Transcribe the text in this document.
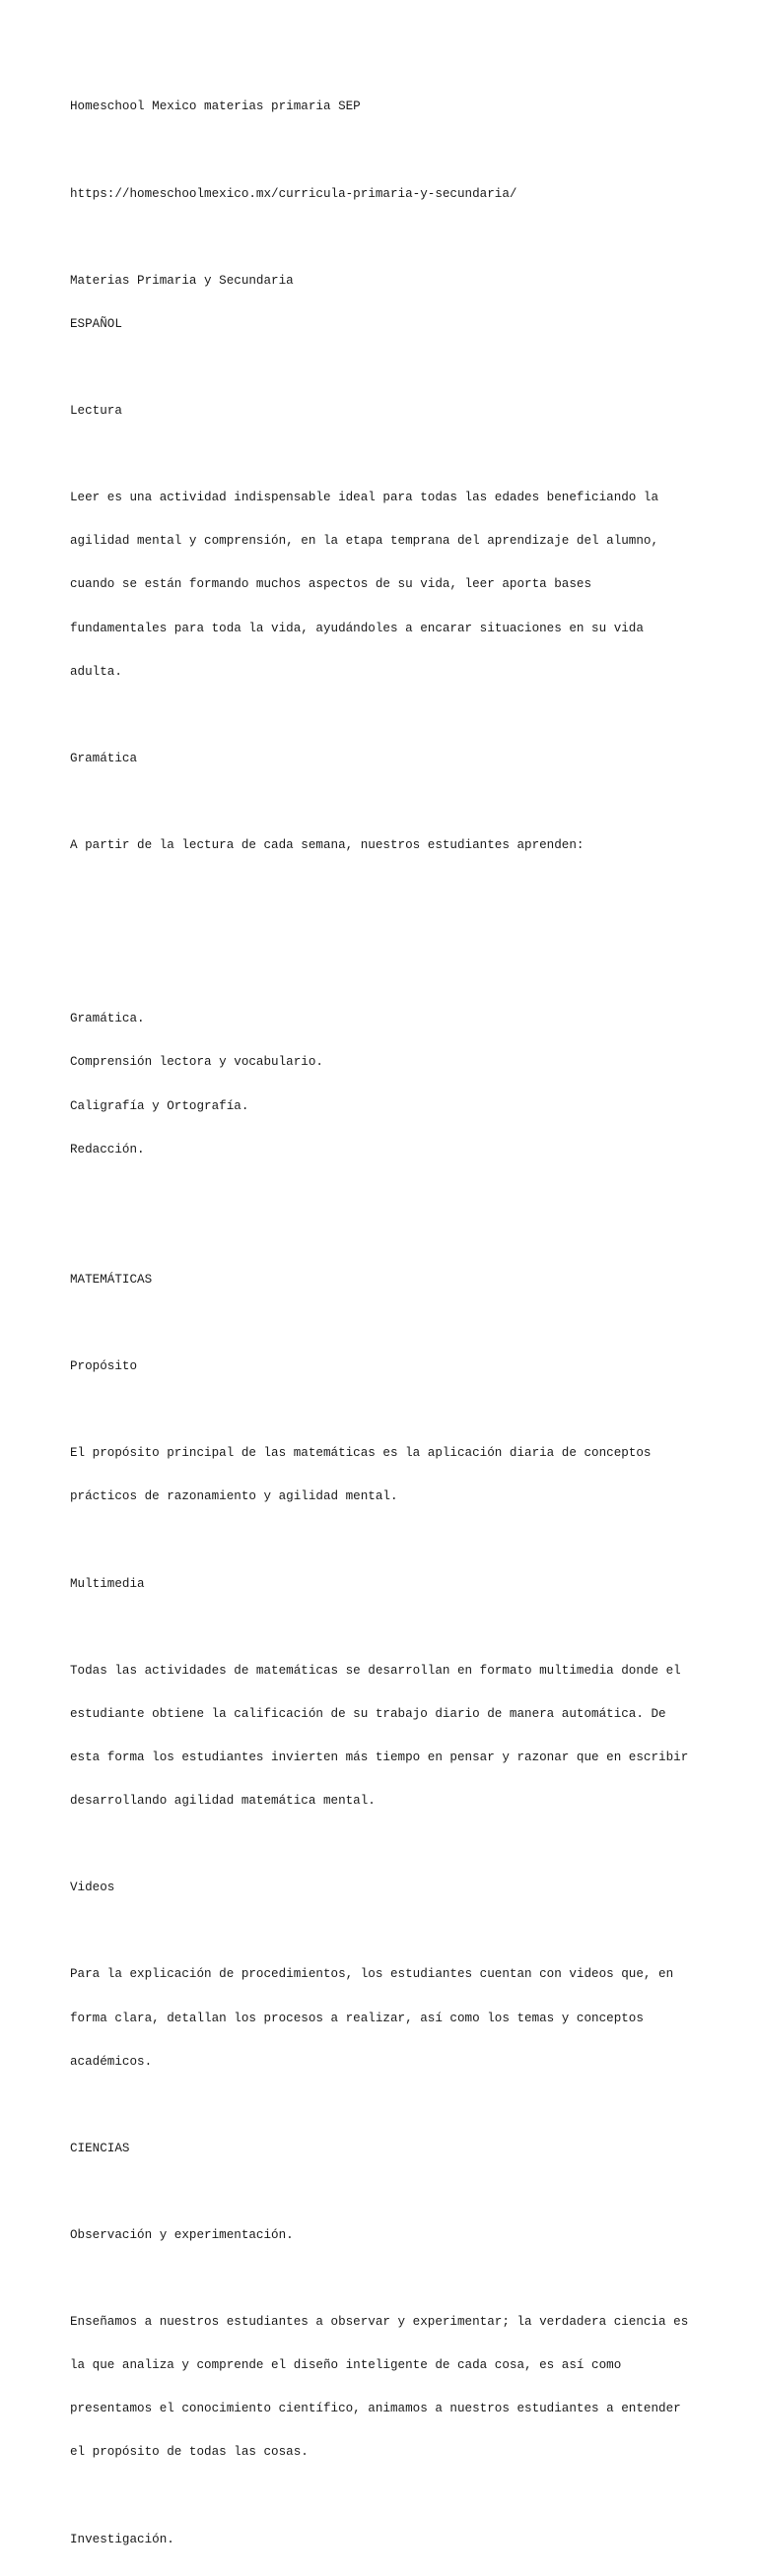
Homeschool Mexico materias primaria SEP

https://homeschoolmexico.mx/curricula-primaria-y-secundaria/

Materias Primaria y Secundaria

ESPAÑOL

Lectura

Leer es una actividad indispensable ideal para todas las edades beneficiando la

agilidad mental y comprensión, en la etapa temprana del aprendizaje del alumno,

cuando se están formando muchos aspectos de su vida, leer aporta bases

fundamentales para toda la vida, ayudándoles a encarar situaciones en su vida

adulta.

Gramática

A partir de la lectura de cada semana, nuestros estudiantes aprenden:

Gramática.

Comprensión lectora y vocabulario.

Caligrafía y Ortografía.

Redacción.

MATEMÁTICAS

Propósito

El propósito principal de las matemáticas es la aplicación diaria de conceptos

prácticos de razonamiento y agilidad mental.

Multimedia

Todas las actividades de matemáticas se desarrollan en formato multimedia donde el

estudiante obtiene la calificación de su trabajo diario de manera automática. De

esta forma los estudiantes invierten más tiempo en pensar y razonar que en escribir

desarrollando agilidad matemática mental.

Videos

Para la explicación de procedimientos, los estudiantes cuentan con videos que, en

forma clara, detallan los procesos a realizar, así como los temas y conceptos

académicos.

CIENCIAS

Observación y experimentación.

Enseñamos a nuestros estudiantes a observar y experimentar; la verdadera ciencia es

la que analiza y comprende el diseño inteligente de cada cosa, es así como

presentamos el conocimiento científico, animamos a nuestros estudiantes a entender

el propósito de todas las cosas.

Investigación.
